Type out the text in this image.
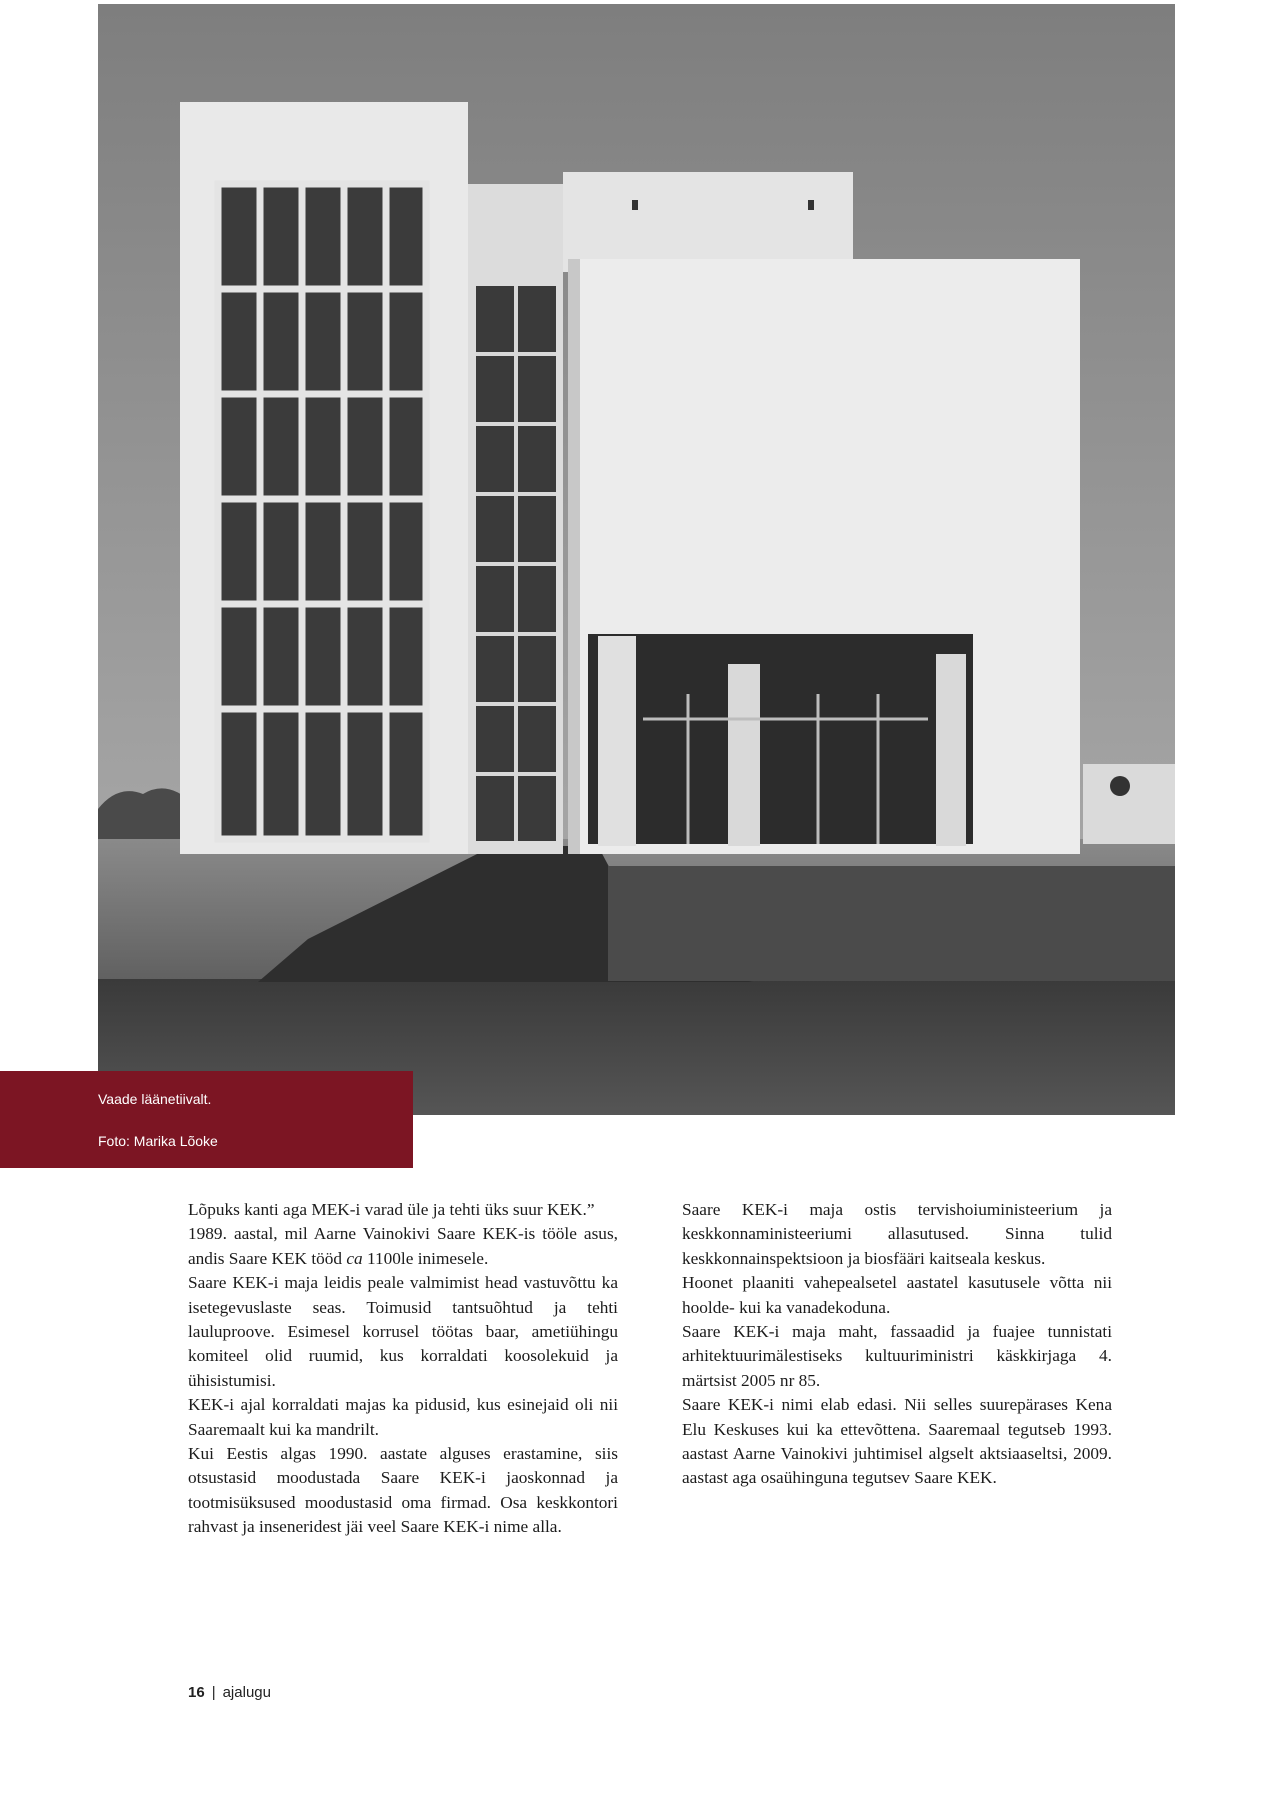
Vaade läänetiivalt.
Foto: Marika Lõoke

Lõpuks kanti aga MEK-i varad üle ja tehti üks suur KEK.”

1989. aastal, mil Aarne Vainokivi Saare KEK-is tööle asus, andis Saare KEK tööd ca 1100le inimesele.

Saare KEK-i maja leidis peale valmimist head vastuvõttu ka isetegevuslaste seas. Toimusid tantsuõhtud ja tehti lauluproove. Esimesel korrusel töötas baar, ametiühingu komiteel olid ruumid, kus korraldati koosolekuid ja ühisistumisi.

KEK-i ajal korraldati majas ka pidusid, kus esinejaid oli nii Saaremaalt kui ka mandrilt.

Kui Eestis algas 1990. aastate alguses erastamine, siis otsustasid moodustada Saare KEK-i jaoskonnad ja tootmisüksused moodustasid oma firmad. Osa keskkontori rahvast ja inseneridest jäi veel Saare KEK-i nime alla.

Saare KEK-i maja ostis tervishoiuministeerium ja keskkonnaministeeriumi allasutused. Sinna tulid keskkonnainspektsioon ja biosfääri kaitseala keskus.

Hoonet plaaniti vahepealsetel aastatel kasutusele võtta nii hoolde- kui ka vanadekoduna.

Saare KEK-i maja maht, fassaadid ja fuajee tunnistati arhitektuurimälestiseks kultuuriministri käskkirjaga 4. märtsist 2005 nr 85.

Saare KEK-i nimi elab edasi. Nii selles suurepärases Kena Elu Keskuses kui ka ettevõttena. Saaremaal tegutseb 1993. aastast Aarne Vainokivi juhtimisel algselt aktsiaaseltsi, 2009. aastast aga osaühinguna tegutsev Saare KEK.

16 | ajalugu
